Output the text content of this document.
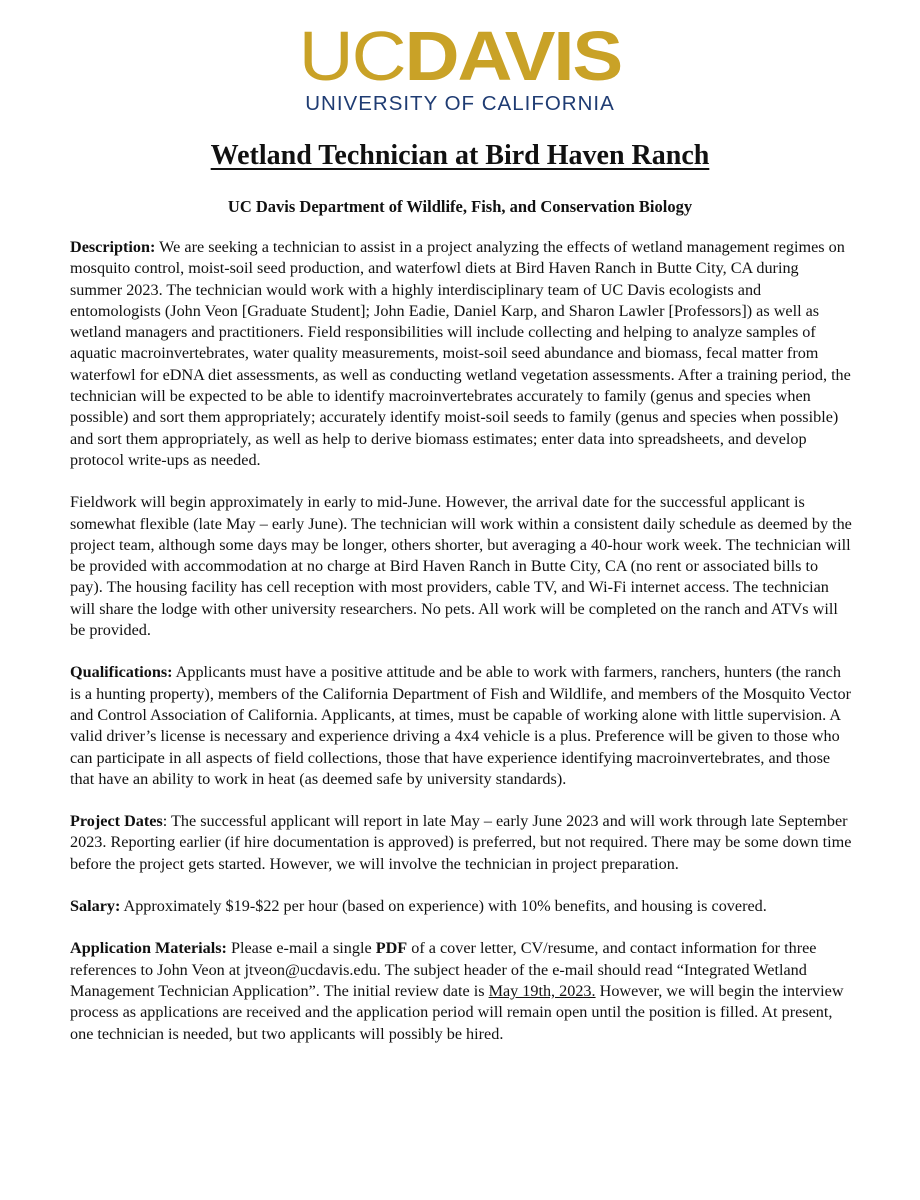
UCDAVIS
UNIVERSITY OF CALIFORNIA
Wetland Technician at Bird Haven Ranch
UC Davis Department of Wildlife, Fish, and Conservation Biology

Description: We are seeking a technician to assist in a project analyzing the effects of wetland management regimes on mosquito control, moist-soil seed production, and waterfowl diets at Bird Haven Ranch in Butte City, CA during summer 2023. The technician would work with a highly interdisciplinary team of UC Davis ecologists and entomologists (John Veon [Graduate Student]; John Eadie, Daniel Karp, and Sharon Lawler [Professors]) as well as wetland managers and practitioners. Field responsibilities will include collecting and helping to analyze samples of aquatic macroinvertebrates, water quality measurements, moist-soil seed abundance and biomass, fecal matter from waterfowl for eDNA diet assessments, as well as conducting wetland vegetation assessments. After a training period, the technician will be expected to be able to identify macroinvertebrates accurately to family (genus and species when possible) and sort them appropriately; accurately identify moist-soil seeds to family (genus and species when possible) and sort them appropriately, as well as help to derive biomass estimates; enter data into spreadsheets, and develop protocol write-ups as needed.

Fieldwork will begin approximately in early to mid-June. However, the arrival date for the successful applicant is somewhat flexible (late May – early June). The technician will work within a consistent daily schedule as deemed by the project team, although some days may be longer, others shorter, but averaging a 40-hour work week. The technician will be provided with accommodation at no charge at Bird Haven Ranch in Butte City, CA (no rent or associated bills to pay). The housing facility has cell reception with most providers, cable TV, and Wi-Fi internet access. The technician will share the lodge with other university researchers. No pets. All work will be completed on the ranch and ATVs will be provided.

Qualifications: Applicants must have a positive attitude and be able to work with farmers, ranchers, hunters (the ranch is a hunting property), members of the California Department of Fish and Wildlife, and members of the Mosquito Vector and Control Association of California. Applicants, at times, must be capable of working alone with little supervision. A valid driver’s license is necessary and experience driving a 4x4 vehicle is a plus. Preference will be given to those who can participate in all aspects of field collections, those that have experience identifying macroinvertebrates, and those that have an ability to work in heat (as deemed safe by university standards).

Project Dates: The successful applicant will report in late May – early June 2023 and will work through late September 2023. Reporting earlier (if hire documentation is approved) is preferred, but not required. There may be some down time before the project gets started. However, we will involve the technician in project preparation.

Salary: Approximately $19-$22 per hour (based on experience) with 10% benefits, and housing is covered.

Application Materials: Please e-mail a single PDF of a cover letter, CV/resume, and contact information for three references to John Veon at jtveon@ucdavis.edu. The subject header of the e-mail should read “Integrated Wetland Management Technician Application”. The initial review date is May 19th, 2023. However, we will begin the interview process as applications are received and the application period will remain open until the position is filled. At present, one technician is needed, but two applicants will possibly be hired.
